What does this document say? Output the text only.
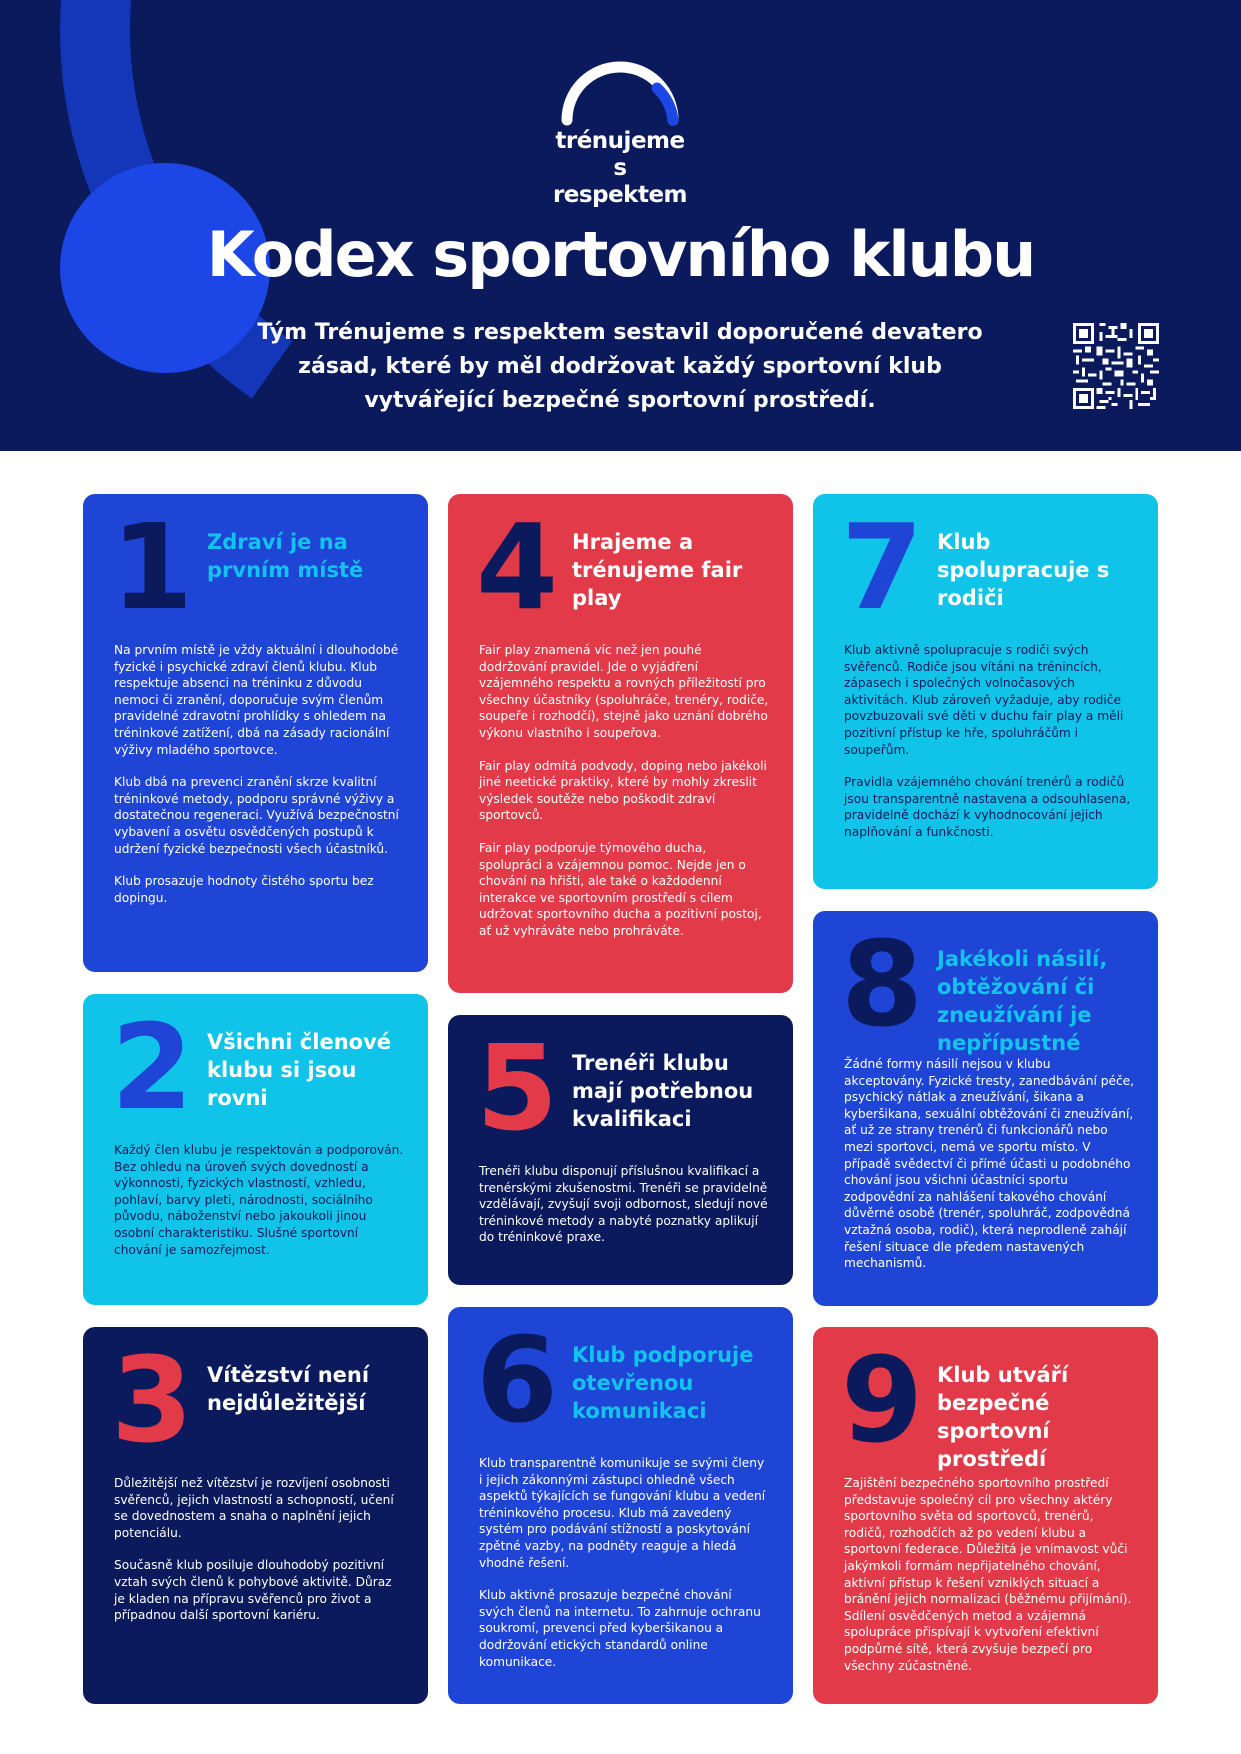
trénujeme
s respektem
Kodex sportovního klubu
Tým Trénujeme s respektem sestavil doporučené devatero zásad, které by měl dodržovat každý sportovní klub vytvářející bezpečné sportovní prostředí.
1 Zdraví je na prvním místě

Na prvním místě je vždy aktuální i dlouhodobé fyzické i psychické zdraví členů klubu. Klub respektuje absenci na tréninku z důvodu nemoci či zranění, doporučuje svým členům pravidelné zdravotní prohlídky s ohledem na tréninkové zatížení, dbá na zásady racionální výživy mladého sportovce.

Klub dbá na prevenci zranění skrze kvalitní tréninkové metody, podporu správné výživy a dostatečnou regeneraci. Využívá bezpečnostní vybavení a osvětu osvědčených postupů k udržení fyzické bezpečnosti všech účastníků.

Klub prosazuje hodnoty čistého sportu bez dopingu.

2 Všichni členové klubu si jsou rovni

Každý člen klubu je respektován a podporován. Bez ohledu na úroveň svých dovedností a výkonnosti, fyzických vlastností, vzhledu, pohlaví, barvy pleti, národnosti, sociálního původu, náboženství nebo jakoukoli jinou osobní charakteristiku. Slušné sportovní chování je samozřejmost.

3 Vítězství není nejdůležitější

Důležitější než vítězství je rozvíjení osobnosti svěřenců, jejich vlastností a schopností, učení se dovednostem a snaha o naplnění jejich potenciálu.

Současně klub posiluje dlouhodobý pozitivní vztah svých členů k pohybové aktivitě. Důraz je kladen na přípravu svěřenců pro život a případnou další sportovní kariéru.

4 Hrajeme a trénujeme fair play

Fair play znamená víc než jen pouhé dodržování pravidel. Jde o vyjádření vzájemného respektu a rovných příležitostí pro všechny účastníky (spoluhráče, trenéry, rodiče, soupeře i rozhodčí), stejně jako uznání dobrého výkonu vlastního i soupeřova.

Fair play odmítá podvody, doping nebo jakékoli jiné neetické praktiky, které by mohly zkreslit výsledek soutěže nebo poškodit zdraví sportovců.

Fair play podporuje týmového ducha, spolupráci a vzájemnou pomoc. Nejde jen o chování na hřišti, ale také o každodenní interakce ve sportovním prostředí s cílem udržovat sportovního ducha a pozitivní postoj, ať už vyhráváte nebo prohráváte.

5 Trenéři klubu mají potřebnou kvalifikaci

Trenéři klubu disponují příslušnou kvalifikací a trenérskými zkušenostmi. Trenéři se pravidelně vzdělávají, zvyšují svoji odbornost, sledují nové tréninkové metody a nabyté poznatky aplikují do tréninkové praxe.

6 Klub podporuje otevřenou komunikaci

Klub transparentně komunikuje se svými členy i jejich zákonnými zástupci ohledně všech aspektů týkajících se fungování klubu a vedení tréninkového procesu. Klub má zavedený systém pro podávání stížností a poskytování zpětné vazby, na podněty reaguje a hledá vhodné řešení.

Klub aktivně prosazuje bezpečné chování svých členů na internetu. To zahrnuje ochranu soukromí, prevenci před kyberšikanou a dodržování etických standardů online komunikace.

7 Klub spolupracuje s rodiči

Klub aktivně spolupracuje s rodiči svých svěřenců. Rodiče jsou vítáni na trénincích, zápasech i společných volnočasových aktivitách. Klub zároveň vyžaduje, aby rodiče povzbuzovali své děti v duchu fair play a měli pozitivní přístup ke hře, spoluhráčům i soupeřům.

Pravidla vzájemného chování trenérů a rodičů jsou transparentně nastavena a odsouhlasena, pravidelně dochází k vyhodnocování jejich naplňování a funkčnosti.

8 Jakékoli násilí, obtěžování či zneužívání je nepřípustné

Žádné formy násilí nejsou v klubu akceptovány. Fyzické tresty, zanedbávání péče, psychický nátlak a zneužívání, šikana a kyberšikana, sexuální obtěžování či zneužívání, ať už ze strany trenérů či funkcionářů nebo mezi sportovci, nemá ve sportu místo. V případě svědectví či přímé účasti u podobného chování jsou všichni účastníci sportu zodpovědní za nahlášení takového chování důvěrné osobě (trenér, spoluhráč, zodpovědná vztažná osoba, rodič), která neprodleně zahájí řešení situace dle předem nastavených mechanismů.

9 Klub utváří bezpečné sportovní prostředí

Zajištění bezpečného sportovního prostředí představuje společný cíl pro všechny aktéry sportovního světa od sportovců, trenérů, rodičů, rozhodčích až po vedení klubu a sportovní federace. Důležitá je vnímavost vůči jakýmkoli formám nepřijatelného chování, aktivní přístup k řešení vzniklých situací a bránění jejich normalizaci (běžnému přijímání). Sdílení osvědčených metod a vzájemná spolupráce přispívají k vytvoření efektivní podpůrné sítě, která zvyšuje bezpečí pro všechny zúčastněné.
